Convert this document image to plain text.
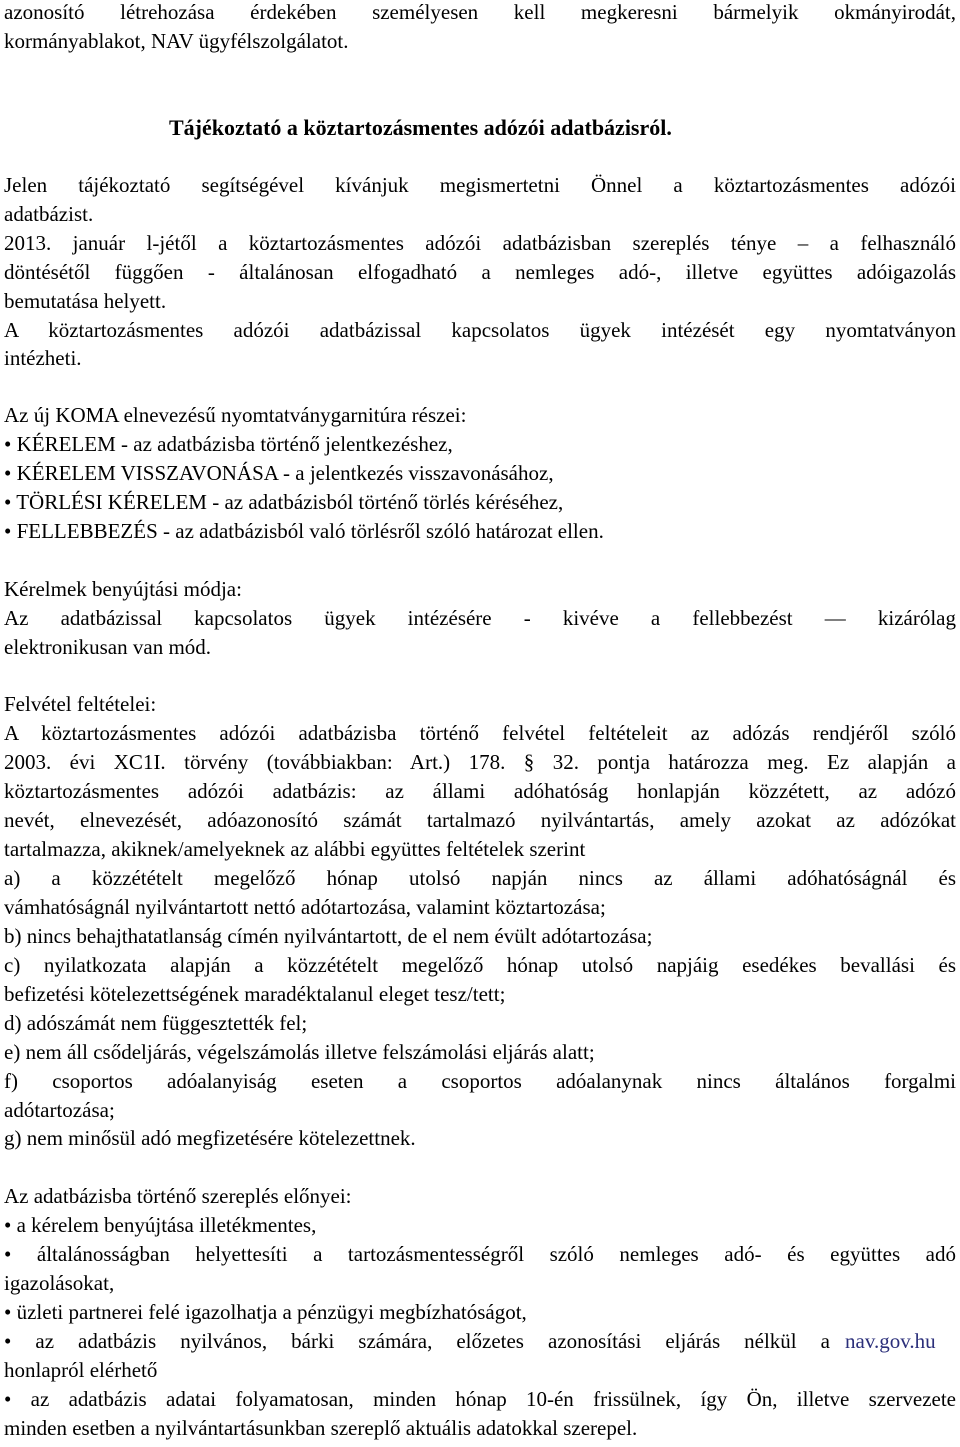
azonosító létrehozása érdekében személyesen kell megkeresni bármelyik okmányirodát,
kormányablakot, NAV ügyfélszolgálatot.
Tájékoztató a köztartozásmentes adózói adatbázisról.
Jelen tájékoztató segítségével kívánjuk megismertetni Önnel a köztartozásmentes adózói
adatbázist.
2013. január l-jétől a köztartozásmentes adózói adatbázisban szereplés ténye – a felhasználó
döntésétől függően - általánosan elfogadható a nemleges adó-, illetve együttes adóigazolás
bemutatása helyett.
A köztartozásmentes adózói adatbázissal kapcsolatos ügyek intézését egy nyomtatványon
intézheti.
Az új KOMA elnevezésű nyomtatványgarnitúra részei:
• KÉRELEM - az adatbázisba történő jelentkezéshez,
• KÉRELEM VISSZAVONÁSA - a jelentkezés visszavonásához,
• TÖRLÉSI KÉRELEM - az adatbázisból történő törlés kéréséhez,
• FELLEBBEZÉS - az adatbázisból való törlésről szóló határozat ellen.
Kérelmek benyújtási módja:
Az adatbázissal kapcsolatos ügyek intézésére - kivéve a fellebbezést — kizárólag
elektronikusan van mód.
Felvétel feltételei:
A köztartozásmentes adózói adatbázisba történő felvétel feltételeit az adózás rendjéről szóló
2003. évi XC1I. törvény (továbbiakban: Art.) 178. § 32. pontja határozza meg. Ez alapján a
köztartozásmentes adózói adatbázis: az állami adóhatóság honlapján közzétett, az adózó
nevét, elnevezését, adóazonosító számát tartalmazó nyilvántartás, amely azokat az adózókat
tartalmazza, akiknek/amelyeknek az alábbi együttes feltételek szerint
a) a közzétételt megelőző hónap utolsó napján nincs az állami adóhatóságnál és
vámhatóságnál nyilvántartott nettó adótartozása, valamint köztartozása;
b) nincs behajthatatlanság címén nyilvántartott, de el nem évült adótartozása;
c) nyilatkozata alapján a közzétételt megelőző hónap utolsó napjáig esedékes bevallási és
befizetési kötelezettségének maradéktalanul eleget tesz/tett;
d) adószámát nem függesztették fel;
e) nem áll csődeljárás, végelszámolás illetve felszámolási eljárás alatt;
f) csoportos adóalanyiság eseten a csoportos adóalanynak nincs általános forgalmi
adótartozása;
g) nem minősül adó megfizetésére kötelezettnek.
Az adatbázisba történő szereplés előnyei:
• a kérelem benyújtása illetékmentes,
• általánosságban helyettesíti a tartozásmentességről szóló nemleges adó- és együttes adó
igazolásokat,
• üzleti partnerei felé igazolhatja a pénzügyi megbízhatóságot,
• az adatbázis nyilvános, bárki számára, előzetes azonosítási eljárás nélkül a nav.gov.hu
honlapról elérhető
• az adatbázis adatai folyamatosan, minden hónap 10-én frissülnek, így Ön, illetve szervezete
minden esetben a nyilvántartásunkban szereplő aktuális adatokkal szerepel.
